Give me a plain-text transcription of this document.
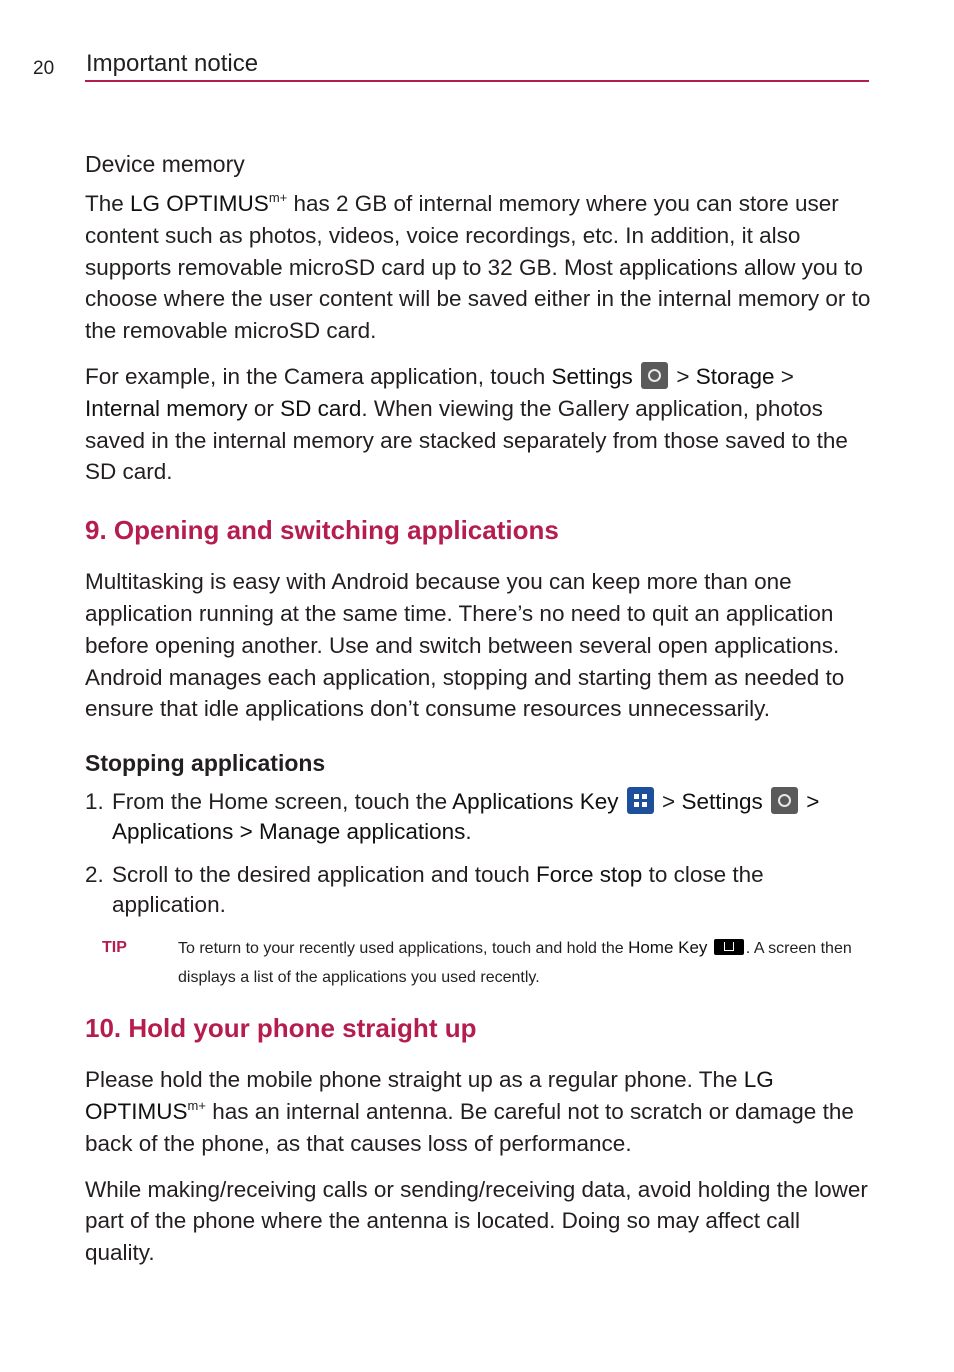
20 Important notice
Device memory

The LG $OPTIMUS^{m+}$ has 2 GB of internal memory where you can store user content such as photos, videos, voice recordings, etc. In addition, it also supports removable microSD card up to 32 GB. Most applications allow you to choose where the user content will be saved either in the internal memory or to the removable microSD card.

For example, in the Camera application, touch Settings  > Storage > Internal memory or SD card. When viewing the Gallery application, photos saved in the internal memory are stacked separately from those saved to the SD card.

9. Opening and switching applications

Multitasking is easy with Android because you can keep more than one application running at the same time. There’s no need to quit an application before opening another. Use and switch between several open applications. Android manages each application, stopping and starting them as needed to ensure that idle applications don’t consume resources unnecessarily.

Stopping applications
1. From the Home screen, touch the Applications Key
> Settings  > Applications > Manage applications.
2. Scroll to the desired application and touch Force stop to close the application.
TIP	To return to your recently used applications, touch and hold the Home Key . A screen then displays a list of the applications you used recently.
10. Hold your phone straight up

Please hold the mobile phone straight up as a regular phone. The LG $OPTIMUS^{m+}$ has an internal antenna. Be careful not to scratch or damage the back of the phone, as that causes loss of performance.

While making/receiving calls or sending/receiving data, avoid holding the lower part of the phone where the antenna is located. Doing so may affect call quality.
